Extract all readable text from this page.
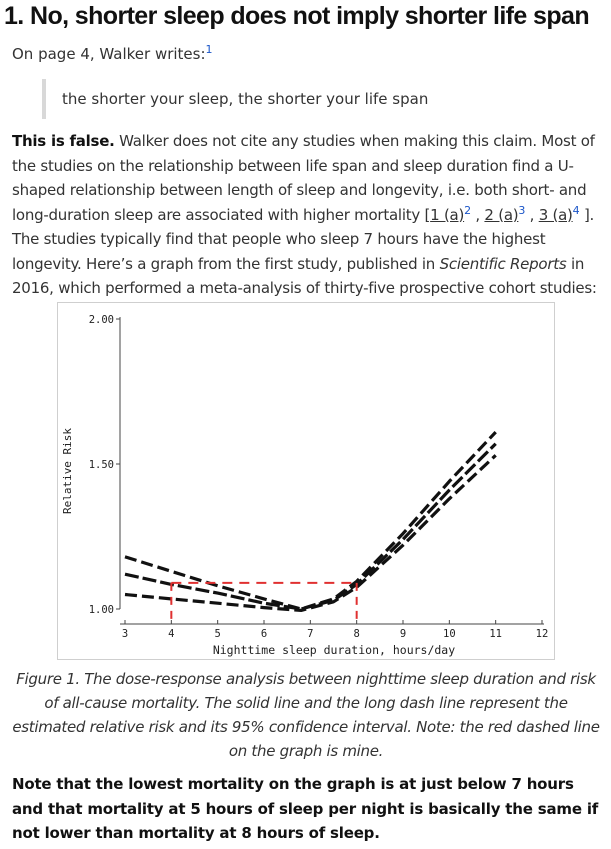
1. No, shorter sleep does not imply shorter life span
On page 4, Walker writes:$^1$
the shorter your sleep, the shorter your life span

This is false. Walker does not cite any studies when making this claim. Most of the studies on the relationship between life span and sleep duration find a U-shaped relationship between length of sleep and longevity, i.e. both short- and long-duration sleep are associated with higher mortality [1 $(a)^2$ , 2 $(a)^3$ , 3 $(a)^4$ ]. The studies typically find that people who sleep 7 hours have the highest longevity. Here’s a graph from the first study, published in Scientific Reports in 2016, which performed a meta-analysis of thirty-five prospective cohort studies:

3	4	5	6	7	8	9	10	11	12
1.00
1.50
2.00
Nighttime sleep duration, hours/day
Relative Risk

Figure 1. The dose-response analysis between nighttime sleep duration and risk of all-cause mortality. The solid line and the long dash line represent the estimated relative risk and its 95% confidence interval. Note: the red dashed line on the graph is mine.

Note that the lowest mortality on the graph is at just below 7 hours and that mortality at 5 hours of sleep per night is basically the same if not lower than mortality at 8 hours of sleep.
